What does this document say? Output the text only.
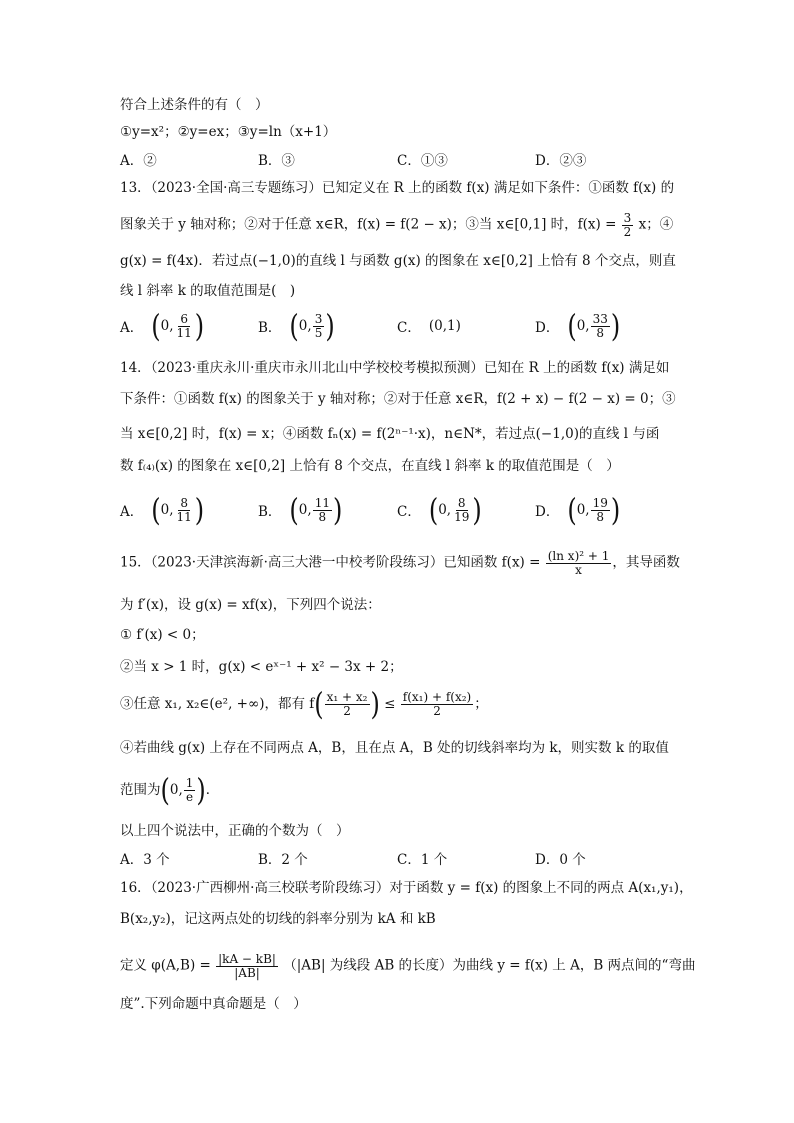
符合上述条件的有（　）
①y=x²；②y=ex；③y=ln（x+1）
A．②	B．③	C．①③	D．②③
13．（2023·全国·高三专题练习）已知定义在 R 上的函数 f(x) 满足如下条件：①函数 f(x) 的
图象关于 y 轴对称；②对于任意 x∈R，f(x) = f(2 − x)；③当 x∈[0,1] 时，$f(x) = \frac{3}{2}$ x；④
g(x) = f(4x)．若过点(−1,0)的直线 l 与函数 g(x) 的图象在 x∈[0,2] 上恰有 8 个交点，则直
线 l 斜率 k 的取值范围是(　)
A． ( 0, $\frac{6}{11}$ )	B． ( 0, $\frac{3}{5}$ )	C． (0,1)	D． ( 0, $\frac{33}{8}$ )
14．（2023·重庆永川·重庆市永川北山中学校校考模拟预测）已知在 R 上的函数 f(x) 满足如
下条件：①函数 f(x) 的图象关于 y 轴对称；②对于任意 x∈R，f(2 + x) − f(2 − x) = 0；③
当 x∈[0,2] 时，f(x) = x；④函数 fₙ(x) = f(2ⁿ⁻¹·x)，n∈N*，若过点(−1,0)的直线 l 与函
数 f₍₄₎(x) 的图象在 x∈[0,2] 上恰有 8 个交点，在直线 l 斜率 k 的取值范围是（　）
A． ( 0, $\frac{8}{11}$ )	B． ( 0, $\frac{11}{8}$ )	C． ( 0, $\frac{8}{19}$ )	D． ( 0, $\frac{19}{8}$ )
15．（2023·天津滨海新·高三大港一中校考阶段练习）已知函数 $f(x) = \frac{\text{(ln x)² + 1}}{x}$ ，其导函数
为 f′(x)，设 g(x) = xf(x)，下列四个说法：
① f′(x) < 0；
②当 x > 1 时，g(x) < eˣ⁻¹ + x² − 3x + 2；
③任意 x₁, x₂∈(e², +∞)，都有 $f( \frac{\text{x₁ + x₂}}{2}$ ) ≤ $\frac{\text{f(x₁) + f(x₂)}}{2}$ ；
④若曲线 g(x) 上存在不同两点 A，B，且在点 A，B 处的切线斜率均为 k，则实数 k 的取值
范围为(0, $\frac{1}{e}$ )．
以上四个说法中，正确的个数为（　）
A．3 个	B．2 个	C．1 个	D．0 个
16．（2023·广西柳州·高三校联考阶段练习）对于函数 y = f(x) 的图象上不同的两点 A(x₁,y₁)，
B(x₂,y₂)，记这两点处的切线的斜率分别为 kA 和 kB
定义 $\varphi(A,B) = \frac{|kA - kB|}{|AB|} (|AB|$ 为线段 AB 的长度）为曲线 y = f(x) 上 A，B 两点间的“弯曲
度”.下列命题中真命题是（　）
